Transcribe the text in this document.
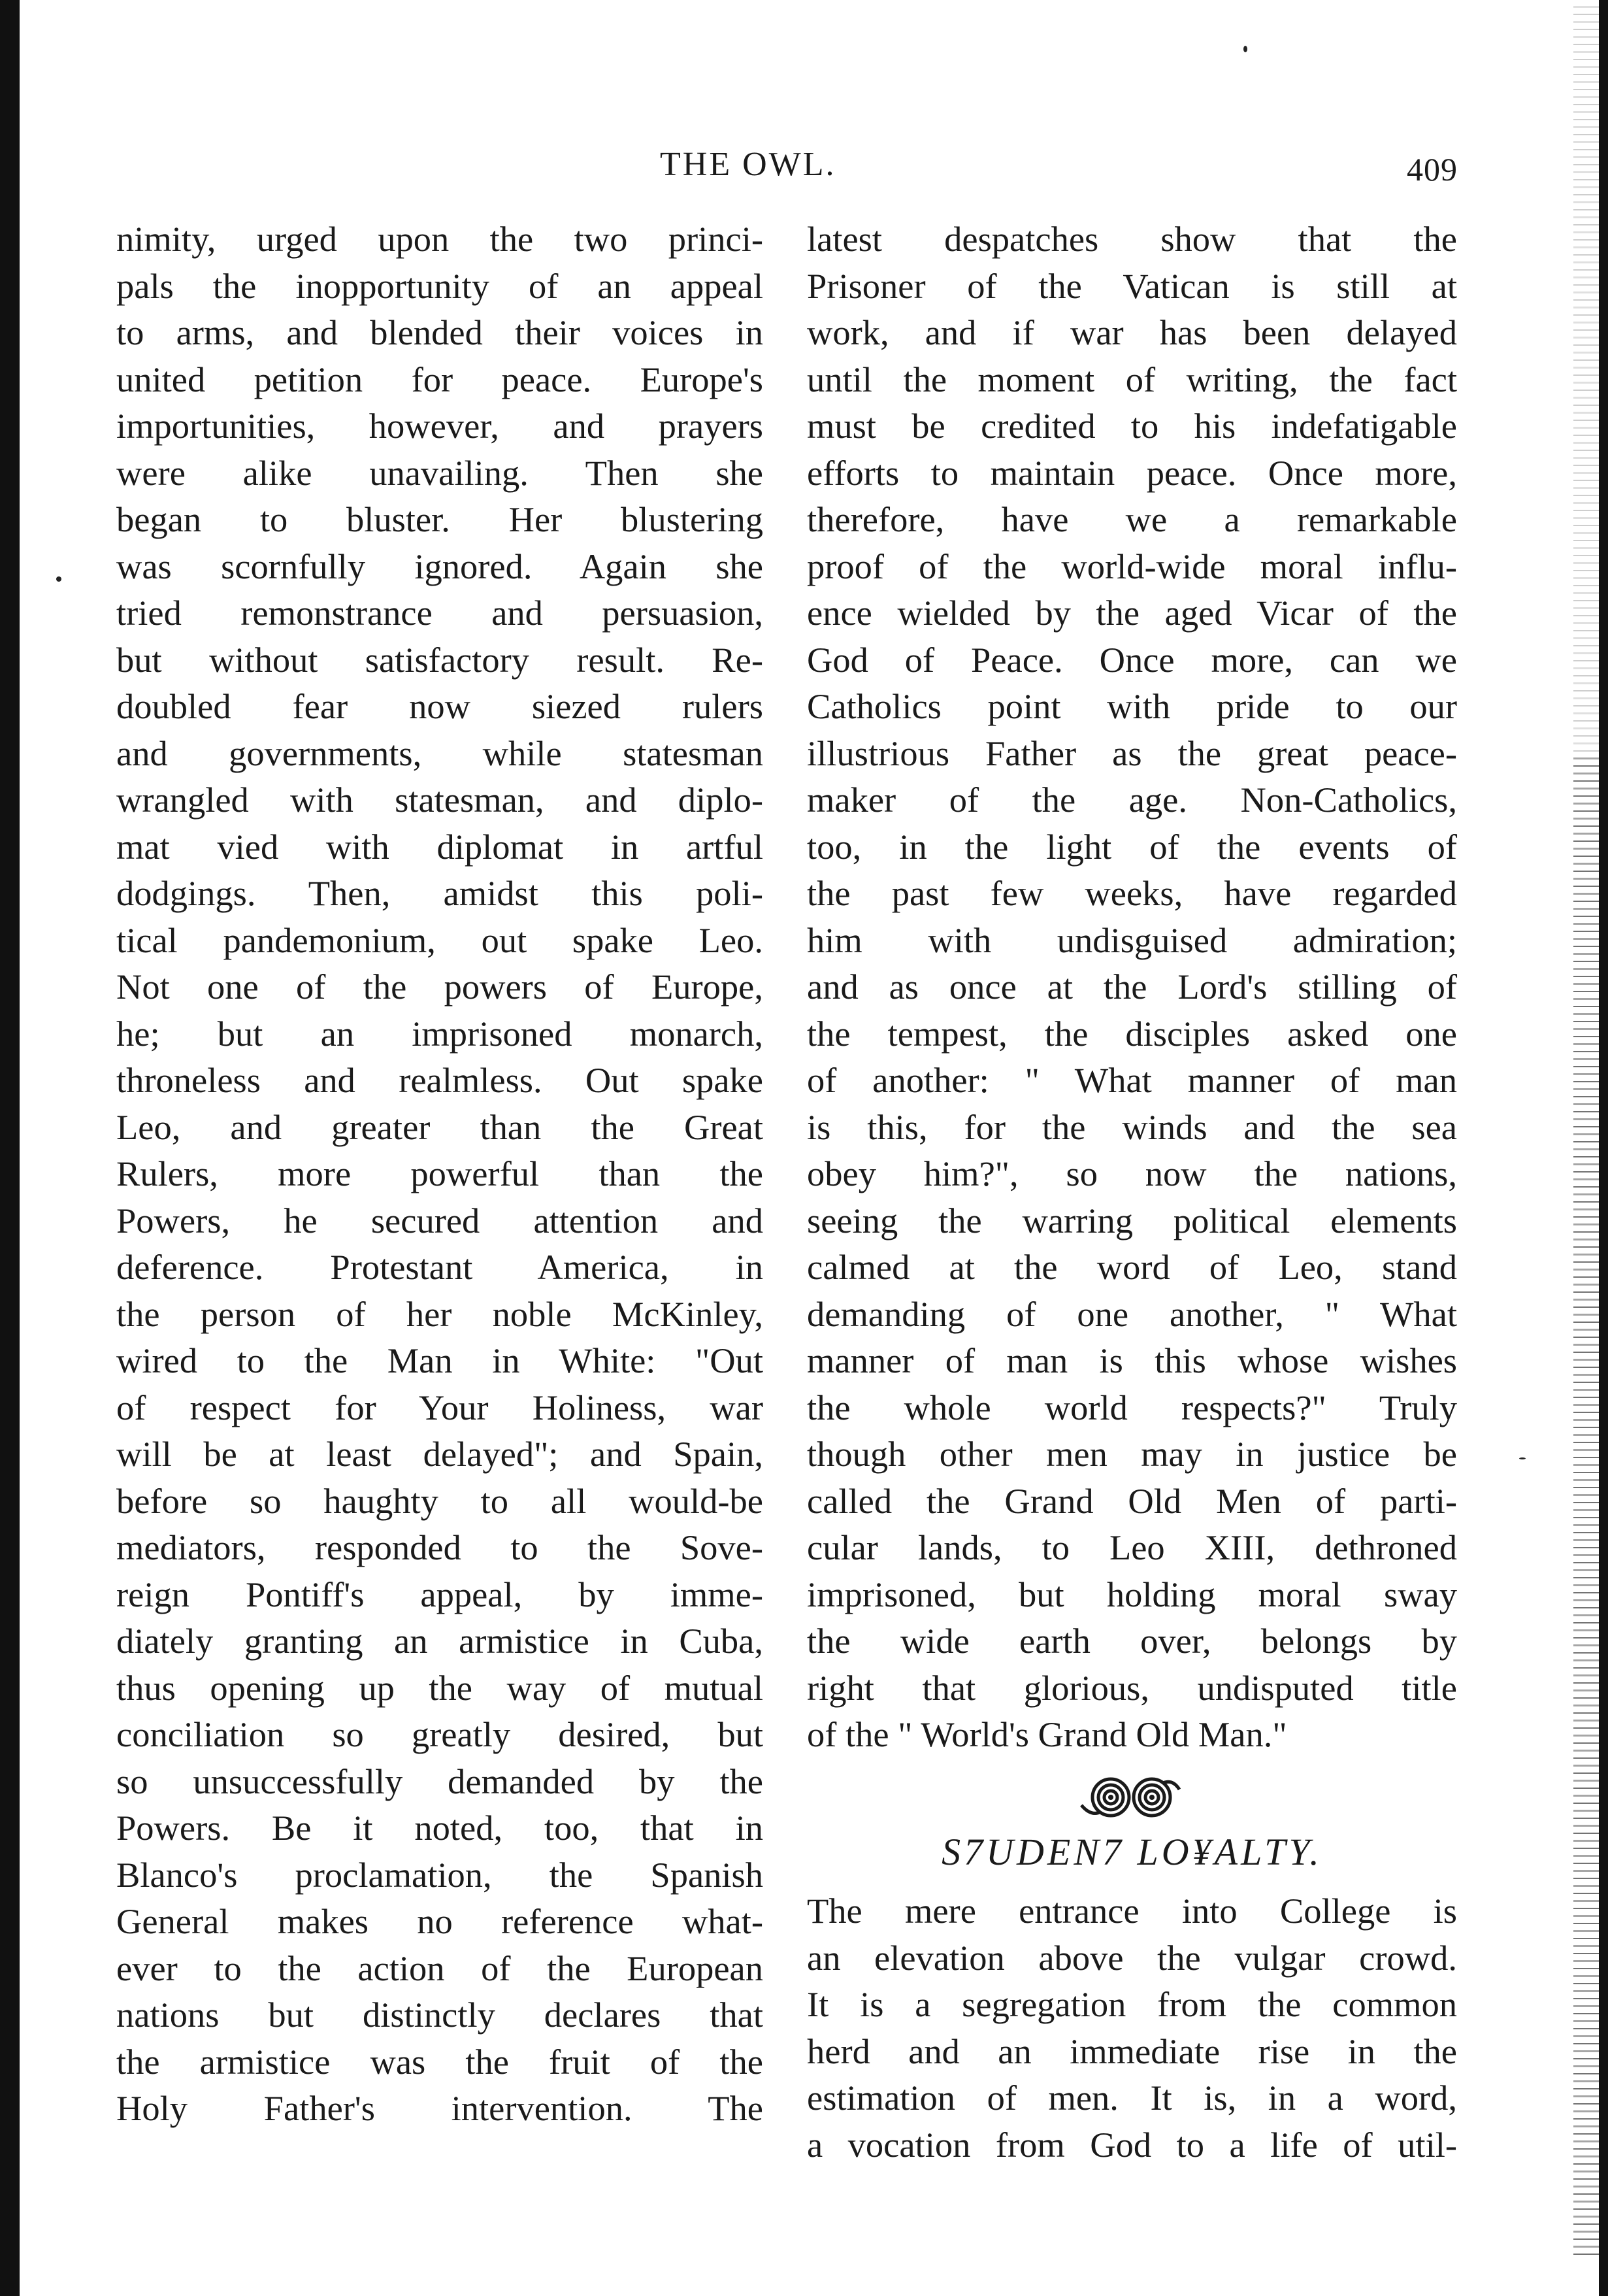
THE OWL.	409
nimity, urged upon the two princi-
pals the inopportunity of an appeal
to arms, and blended their voices in
united petition for peace. Europe's
importunities, however, and prayers
were alike unavailing. Then she
began to bluster. Her blustering
was scornfully ignored. Again she
tried remonstrance and persuasion,
but without satisfactory result. Re-
doubled fear now siezed rulers
and governments, while statesman
wrangled with statesman, and diplo-
mat vied with diplomat in artful
dodgings. Then, amidst this poli-
tical pandemonium, out spake Leo.
Not one of the powers of Europe,
he; but an imprisoned monarch,
throneless and realmless. Out spake
Leo, and greater than the Great
Rulers, more powerful than the
Powers, he secured attention and
deference. Protestant America, in
the person of her noble McKinley,
wired to the Man in White: "Out
of respect for Your Holiness, war
will be at least delayed"; and Spain,
before so haughty to all would-be
mediators, responded to the Sove-
reign Pontiff's appeal, by imme-
diately granting an armistice in Cuba,
thus opening up the way of mutual
conciliation so greatly desired, but
so unsuccessfully demanded by the
Powers. Be it noted, too, that in
Blanco's proclamation, the Spanish
General makes no reference what-
ever to the action of the European
nations but distinctly declares that
the armistice was the fruit of the
Holy Father's intervention. The
latest despatches show that the
Prisoner of the Vatican is still at
work, and if war has been delayed
until the moment of writing, the fact
must be credited to his indefatigable
efforts to maintain peace. Once more,
therefore, have we a remarkable
proof of the world-wide moral influ-
ence wielded by the aged Vicar of the
God of Peace. Once more, can we
Catholics point with pride to our
illustrious Father as the great peace-
maker of the age. Non-Catholics,
too, in the light of the events of
the past few weeks, have regarded
him with undisguised admiration;
and as once at the Lord's stilling of
the tempest, the disciples asked one
of another: " What manner of man
is this, for the winds and the sea
obey him?", so now the nations,
seeing the warring political elements
calmed at the word of Leo, stand
demanding of one another, " What
manner of man is this whose wishes
the whole world respects?" Truly
though other men may in justice be
called the Grand Old Men of parti-
cular lands, to Leo XIII, dethroned
imprisoned, but holding moral sway
the wide earth over, belongs by
right that glorious, undisputed title
of the " World's Grand Old Man."
S7UDEN7 LO¥ALTY.
The mere entrance into College is
an elevation above the vulgar crowd.
It is a segregation from the common
herd and an immediate rise in the
estimation of men. It is, in a word,
a vocation from God to a life of util-
